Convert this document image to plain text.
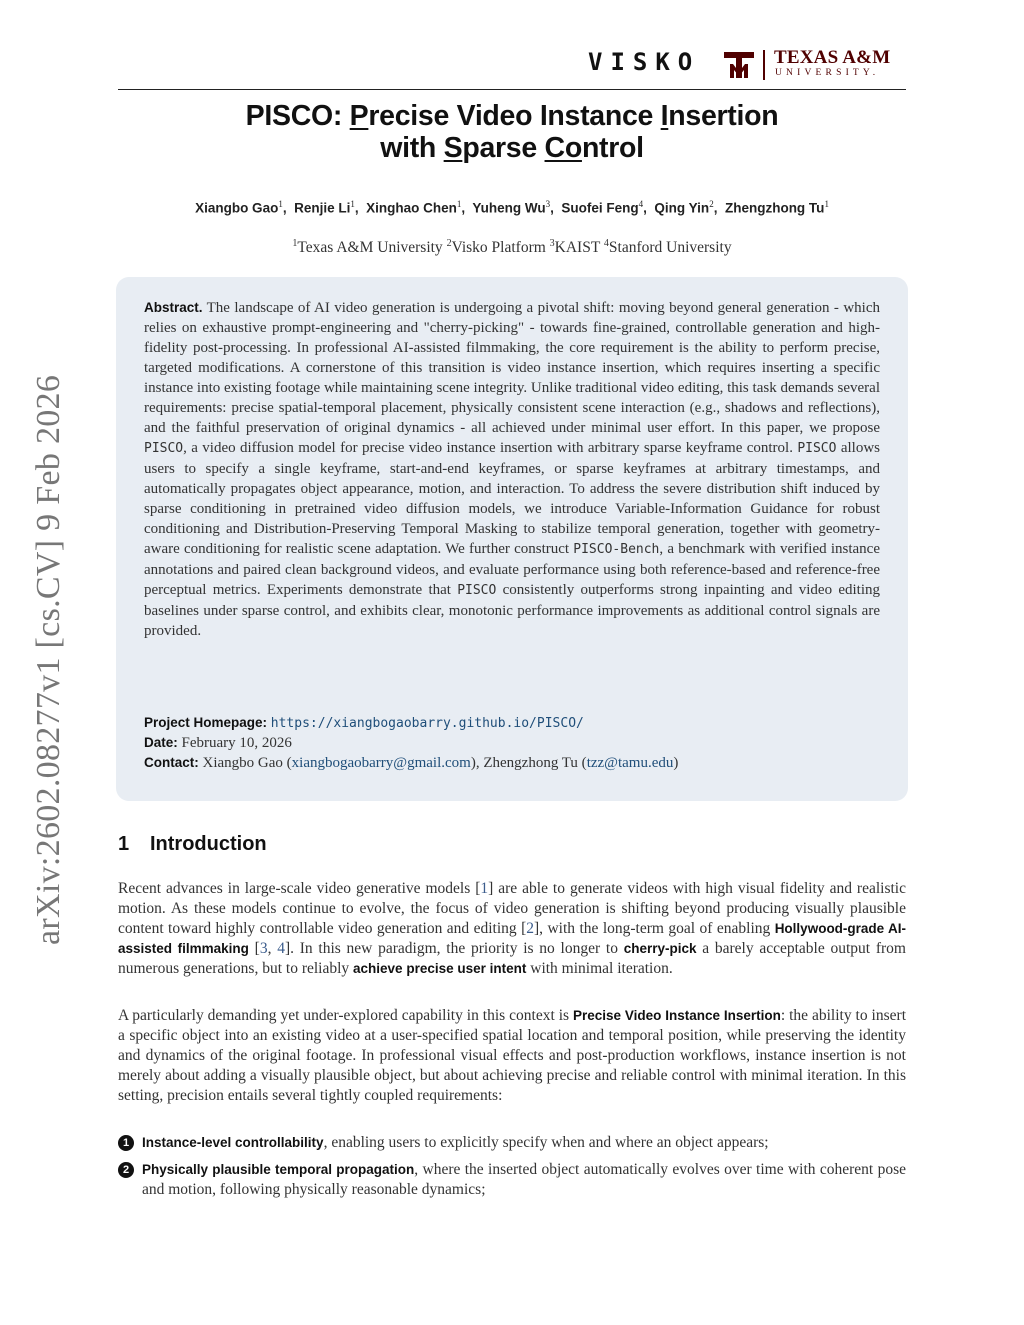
arXiv:2602.08277v1 [cs.CV] 9 Feb 2026
VISKO	TEXAS A&M
UNIVERSITY.
PISCO: Precise Video Instance Insertion
with Sparse Control
Xiangbo Gao$^1$,  Renjie Li$^1$,  Xinghao Chen$^1$,  Yuheng Wu$^3$,  Suofei Feng$^4$,  Qing Yin$^2$,  Zhengzhong Tu$^1$
$^1$Texas A&M University $^2$Visko Platform $^3$KAIST $^4$Stanford University
Abstract. The landscape of AI video generation is undergoing a pivotal shift: moving beyond general generation - which relies on exhaustive prompt-engineering and "cherry-picking" - towards fine-grained, controllable generation and high-fidelity post-processing. In professional AI-assisted filmmaking, the core requirement is the ability to perform precise, targeted modifications. A cornerstone of this transition is video instance insertion, which requires inserting a specific instance into existing footage while maintaining scene integrity. Unlike traditional video editing, this task demands several requirements: precise spatial-temporal placement, physically consistent scene interaction (e.g., shadows and reflections), and the faithful preservation of original dynamics - all achieved under minimal user effort. In this paper, we propose PISCO, a video diffusion model for precise video instance insertion with arbitrary sparse keyframe control. PISCO allows users to specify a single keyframe, start-and-end keyframes, or sparse keyframes at arbitrary timestamps, and automatically propagates object appearance, motion, and interaction. To address the severe distribution shift induced by sparse conditioning in pretrained video diffusion models, we introduce Variable-Information Guidance for robust conditioning and Distribution-Preserving Temporal Masking to stabilize temporal generation, together with geometry-aware conditioning for realistic scene adaptation. We further construct PISCO-Bench, a benchmark with verified instance annotations and paired clean background videos, and evaluate performance using both reference-based and reference-free perceptual metrics. Experiments demonstrate that PISCO consistently outperforms strong inpainting and video editing baselines under sparse control, and exhibits clear, monotonic performance improvements as additional control signals are provided.
Project Homepage: https://xiangbogaobarry.github.io/PISCO/
Date: February 10, 2026
Contact: Xiangbo Gao (xiangbogaobarry@gmail.com), Zhengzhong Tu (tzz@tamu.edu)
1 Introduction
Recent advances in large-scale video generative models [1] are able to generate videos with high visual fidelity and realistic motion. As these models continue to evolve, the focus of video generation is shifting beyond producing visually plausible content toward highly controllable video generation and editing [2], with the long-term goal of enabling Hollywood-grade AI-assisted filmmaking [3, 4]. In this new paradigm, the priority is no longer to cherry-pick a barely acceptable output from numerous generations, but to reliably achieve precise user intent with minimal iteration.
A particularly demanding yet under-explored capability in this context is Precise Video Instance Insertion: the ability to insert a specific object into an existing video at a user-specified spatial location and temporal position, while preserving the identity and dynamics of the original footage. In professional visual effects and post-production workflows, instance insertion is not merely about adding a visually plausible object, but about achieving precise and reliable control with minimal iteration. In this setting, precision entails several tightly coupled requirements:
1 Instance-level controllability, enabling users to explicitly specify when and where an object appears;
2 Physically plausible temporal propagation, where the inserted object automatically evolves over time with coherent pose and motion, following physically reasonable dynamics;
